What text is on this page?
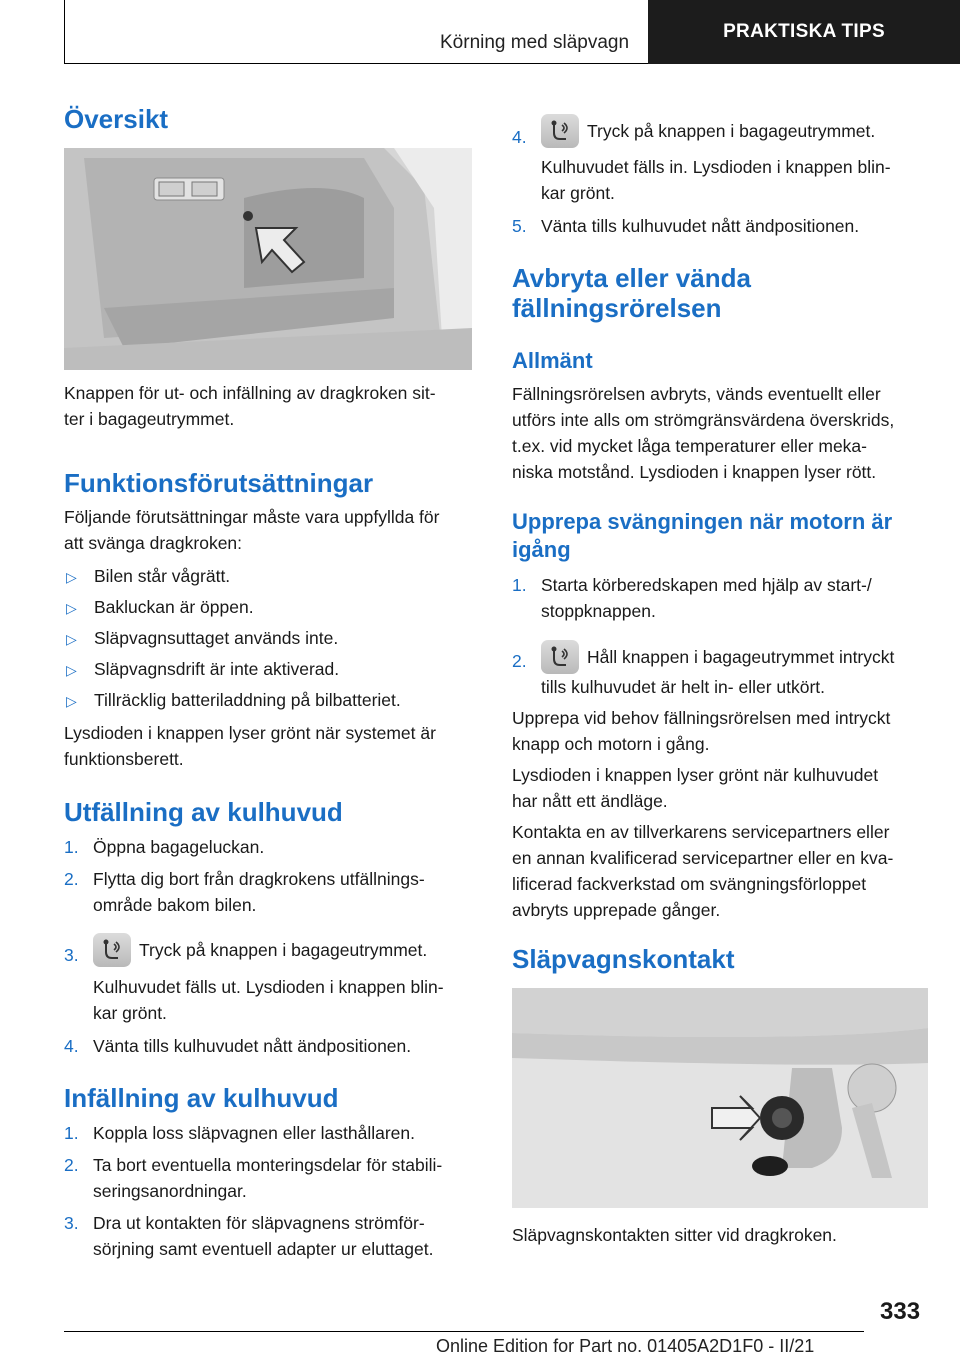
Körning med släpvagn
PRAKTISKA TIPS
Översikt
Knappen för ut- och infällning av dragkroken sit-
ter i bagageutrymmet.
Funktionsförutsättningar
Följande förutsättningar måste vara uppfyllda för
att svänga dragkroken:
▷ Bilen står vågrätt.
▷ Bakluckan är öppen.
▷ Släpvagnsuttaget används inte.
▷ Släpvagnsdrift är inte aktiverad.
▷ Tillräcklig batteriladdning på bilbatteriet.
Lysdioden i knappen lyser grönt när systemet är
funktionsberett.
Utfällning av kulhuvud
1. Öppna bagageluckan.
2. Flytta dig bort från dragkrokens utfällnings-
område bakom bilen.
3.	Tryck på knappen i bagageutrymmet.
Kulhuvudet fälls ut. Lysdioden i knappen blin-
kar grönt.
4. Vänta tills kulhuvudet nått ändpositionen.
Infällning av kulhuvud
1. Koppla loss släpvagnen eller lasthållaren.
2. Ta bort eventuella monteringsdelar för stabili-
seringsanordningar.
3. Dra ut kontakten för släpvagnens strömför-
sörjning samt eventuell adapter ur eluttaget.
4.	Tryck på knappen i bagageutrymmet.
Kulhuvudet fälls in. Lysdioden i knappen blin-
kar grönt.
5. Vänta tills kulhuvudet nått ändpositionen.
Avbryta eller vända
fällningsrörelsen
Allmänt
Fällningsrörelsen avbryts, vänds eventuellt eller
utförs inte alls om strömgränsvärdena överskrids,
t.ex. vid mycket låga temperaturer eller meka-
niska motstånd. Lysdioden i knappen lyser rött.
Upprepa svängningen när motorn är
igång
1. Starta körberedskapen med hjälp av start-/
stoppknappen.
2.	Håll knappen i bagageutrymmet intryckt
tills kulhuvudet är helt in- eller utkört.
Upprepa vid behov fällningsrörelsen med intryckt
knapp och motorn i gång.
Lysdioden i knappen lyser grönt när kulhuvudet
har nått ett ändläge.
Kontakta en av tillverkarens servicepartners eller
en annan kvalificerad servicepartner eller en kva-
lificerad fackverkstad om svängningsförloppet
avbryts upprepade gånger.
Släpvagnskontakt
Släpvagnskontakten sitter vid dragkroken.
333
Online Edition for Part no. 01405A2D1F0 - II/21
